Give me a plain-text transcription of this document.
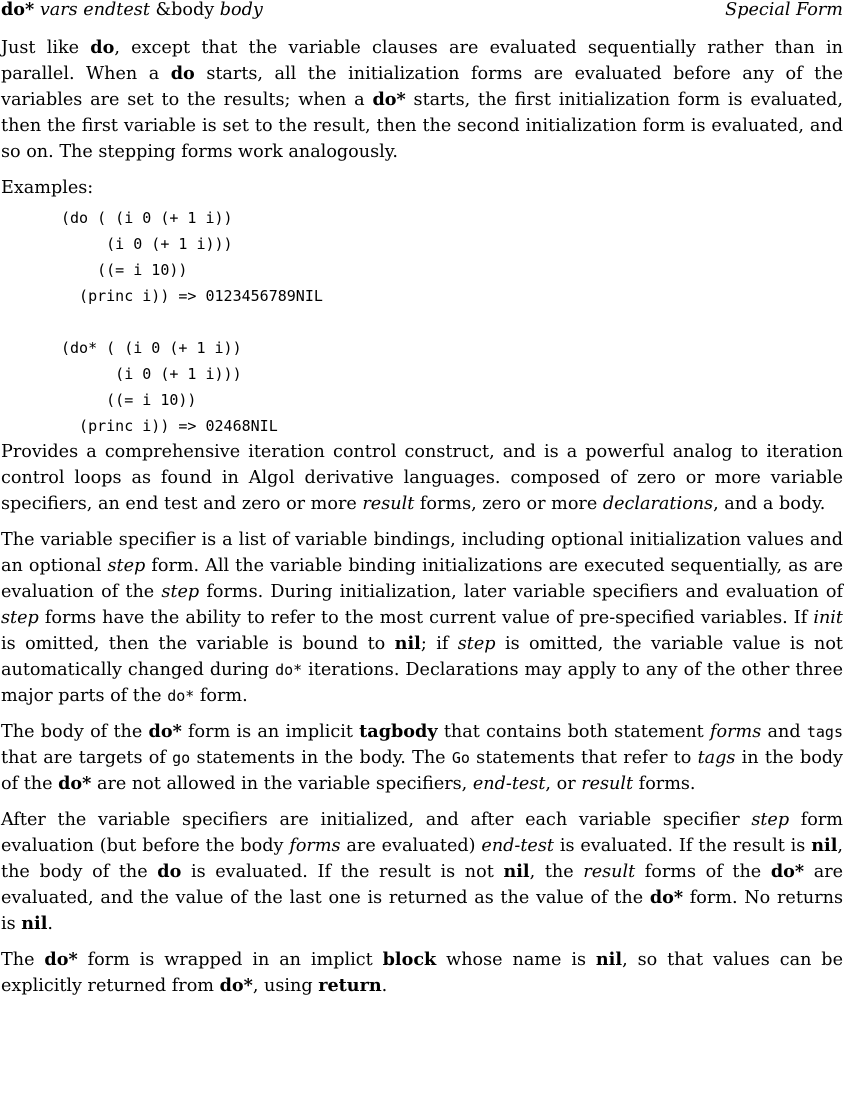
do* vars endtest &body body	Special Form

Just like do, except that the variable clauses are evaluated sequentially rather than in parallel. When a do starts, all the initialization forms are evaluated before any of the variables are set to the results; when a do* starts, the first initialization form is evaluated, then the first variable is set to the result, then the second initialization form is evaluated, and so on. The stepping forms work analogously.

Examples:

(do ( (i 0 (+ 1 i))
(i 0 (+ 1 i)))
((= i 10))
(princ i)) => 0123456789NIL
(do* ( (i 0 (+ 1 i))
(i 0 (+ 1 i)))
((= i 10))
(princ i)) => 02468NIL

Provides a comprehensive iteration control construct, and is a powerful analog to iteration control loops as found in Algol derivative languages. composed of zero or more variable specifiers, an end test and zero or more result forms, zero or more declarations, and a body.

The variable specifier is a list of variable bindings, including optional initialization values and an optional step form. All the variable binding initializations are executed sequentially, as are evaluation of the step forms. During initialization, later variable specifiers and evaluation of step forms have the ability to refer to the most current value of pre-specified variables. If init is omitted, then the variable is bound to nil; if step is omitted, the variable value is not automatically changed during do* iterations. Declarations may apply to any of the other three major parts of the do* form.

The body of the do* form is an implicit tagbody that contains both statement forms and tags that are targets of go statements in the body. The Go statements that refer to tags in the body of the do* are not allowed in the variable specifiers, end-test, or result forms.

After the variable specifiers are initialized, and after each variable specifier step form evaluation (but before the body forms are evaluated) end-test is evaluated. If the result is nil, the body of the do is evaluated. If the result is not nil, the result forms of the do* are evaluated, and the value of the last one is returned as the value of the do* form. No returns is nil.

The do* form is wrapped in an implict block whose name is nil, so that values can be explicitly returned from do*, using return.
